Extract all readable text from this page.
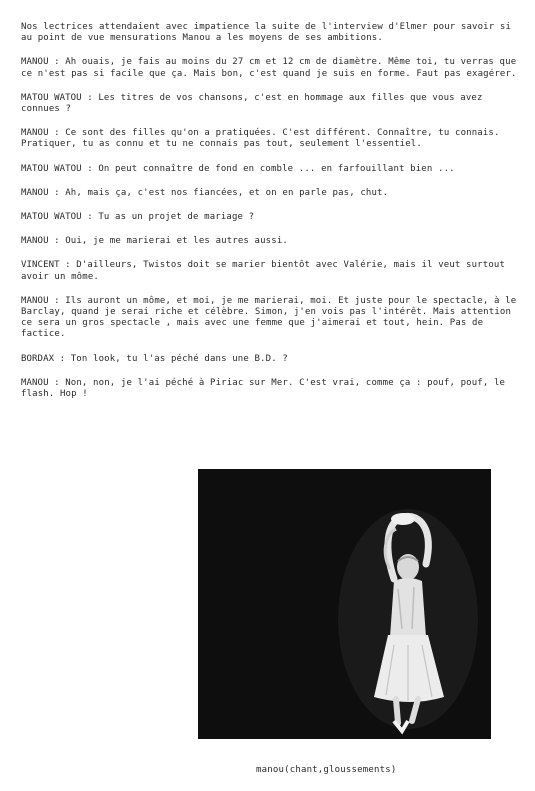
Nos lectrices attendaient avec impatience la suite de l'interview d'Elmer pour savoir si au point de vue mensurations Manou a les moyens de ses ambitions.

MANOU : Ah ouais, je fais au moins du 27 cm et 12 cm de diamètre. Même toi, tu verras que ce n'est pas si facile que ça. Mais bon, c'est quand je suis en forme. Faut pas exagérer.

MATOU WATOU : Les titres de vos chansons, c'est en hommage aux filles que vous avez connues ?

MANOU : Ce sont des filles qu'on a pratiquées. C'est différent. Connaître, tu connais. Pratiquer, tu as connu et tu ne connais pas tout, seulement l'essentiel.

MATOU WATOU : On peut connaître de fond en comble ... en farfouillant bien ...

MANOU : Ah, mais ça, c'est nos fiancées, et on en parle pas, chut.

MATOU WATOU : Tu as un projet de mariage ?

MANOU : Oui, je me marierai et les autres aussi.

VINCENT : D'ailleurs, Twistos doit se marier bientôt avec Valérie, mais il veut surtout avoir un môme.

MANOU : Ils auront un môme, et moi, je me marierai, moi. Et juste pour le spectacle, à le Barclay, quand je serai riche et célèbre. Simon, j'en vois pas l'intérêt. Mais attention ce sera un gros spectacle , mais avec une femme que j'aimerai et tout, hein. Pas de factice.

BORDAX : Ton look, tu l'as péché dans une B.D. ?

MANOU : Non, non, je l'ai péché à Piriac sur Mer. C'est vrai, comme ça : pouf, pouf, le flash. Hop !

manou(chant,gloussements)
